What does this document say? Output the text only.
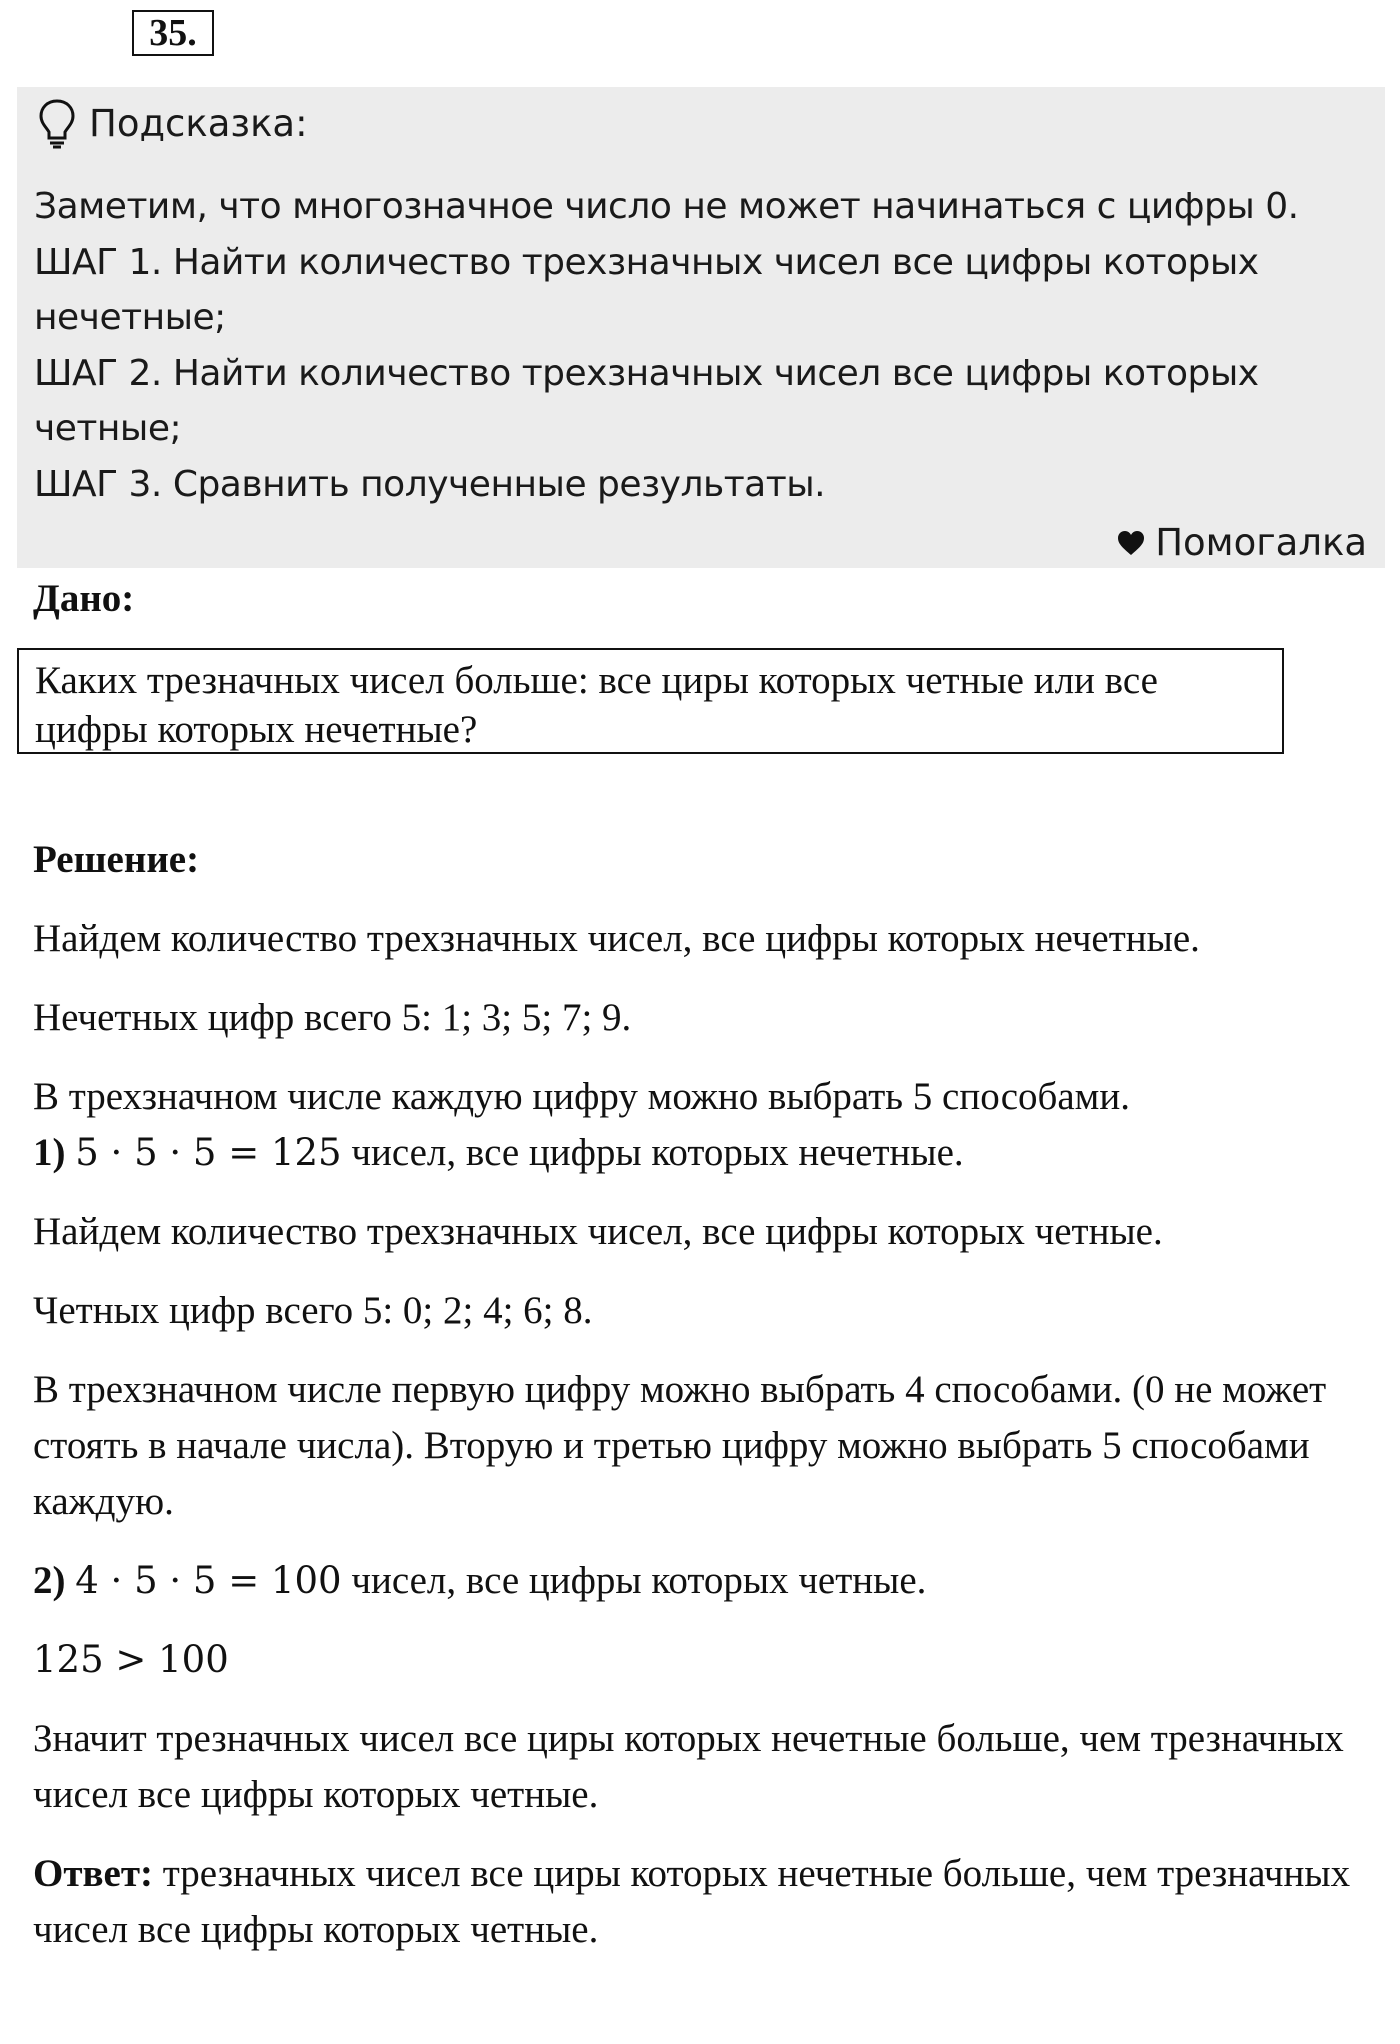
35.
Подсказка:

Заметим, что многозначное число не может начинаться с цифры 0.

ШАГ 1. Найти количество трехзначных чисел все цифры которых нечетные;

ШАГ 2. Найти количество трехзначных чисел все цифры которых четные;

ШАГ 3. Сравнить полученные результаты.

Помогалка
Дано:
Каких трезначных чисел больше: все циры которых четные или все цифры которых нечетные?

Решение:

Найдем количество трехзначных чисел, все цифры которых нечетные.

Нечетных цифр всего 5: 1; 3; 5; 7; 9.

В трехзначном числе каждую цифру можно выбрать 5 способами.

1) 5 · 5 · 5 = 125 чисел, все цифры которых нечетные.

Найдем количество трехзначных чисел, все цифры которых четные.

Четных цифр всего 5: 0; 2; 4; 6; 8.

В трехзначном числе первую цифру можно выбрать 4 способами. (0 не может стоять в начале числа). Вторую и третью цифру можно выбрать 5 способами каждую.

2) 4 · 5 · 5 = 100 чисел, все цифры которых четные.

125 > 100

Значит трезначных чисел все циры которых нечетные больше, чем трезначных чисел все цифры которых четные.

Ответ: трезначных чисел все циры которых нечетные больше, чем трезначных чисел все цифры которых четные.
